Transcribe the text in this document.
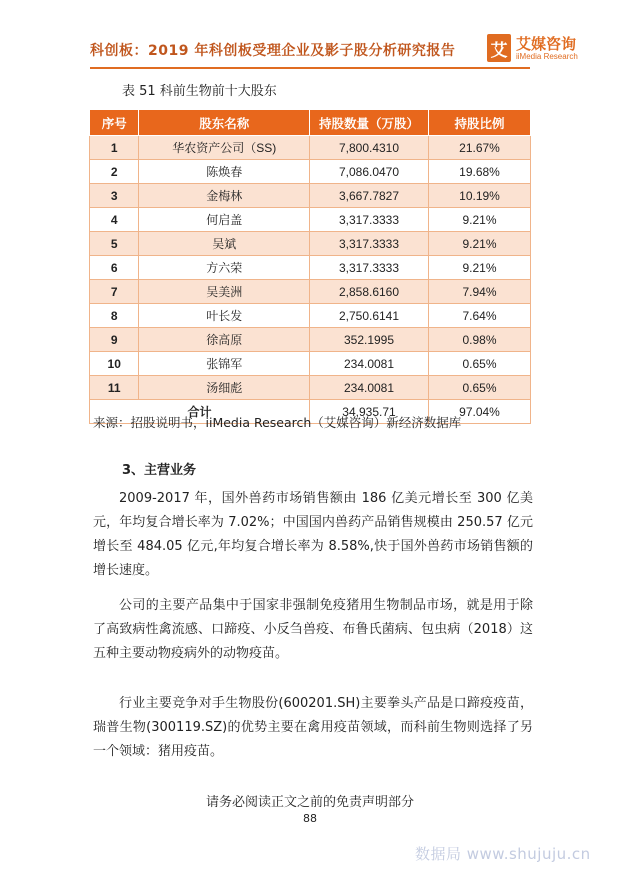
科创板：2019 年科创板受理企业及影子股分析研究报告 艾 艾媒咨询
iiMedia Research
表 51 科前生物前十大股东
序号	股东名称	持股数量（万股）	持股比例
1	华农资产公司（SS)	7,800.4310	21.67%
2	陈焕春	7,086.0470	19.68%
3	金梅林	3,667.7827	10.19%
4	何启盖	3,317.3333	9.21%
5	吴斌	3,317.3333	9.21%
6	方六荣	3,317.3333	9.21%
7	吴美洲	2,858.6160	7.94%
8	叶长发	2,750.6141	7.64%
9	徐高原	352.1995	0.98%
10	张锦军	234.0081	0.65%
11	汤细彪	234.0081	0.65%
合计		34,935.71	97.04%
来源：招股说明书，iiMedia Research（艾媒咨询）新经济数据库
3、主营业务

2009-2017 年，国外兽药市场销售额由 186 亿美元增长至 300 亿美元，年均复合增长率为 7.02%；中国国内兽药产品销售规模由 250.57 亿元增长至 484.05 亿元,年均复合增长率为 8.58%,快于国外兽药市场销售额的增长速度。

公司的主要产品集中于国家非强制免疫猪用生物制品市场，就是用于除了高致病性禽流感、口蹄疫、小反刍兽疫、布鲁氏菌病、包虫病（2018）这五种主要动物疫病外的动物疫苗。

行业主要竞争对手生物股份(600201.SH)主要拳头产品是口蹄疫疫苗，瑞普生物(300119.SZ)的优势主要在禽用疫苗领域，而科前生物则选择了另一个领域：猪用疫苗。

请务必阅读正文之前的免责声明部分
88
数据局 www.shujuju.cn
